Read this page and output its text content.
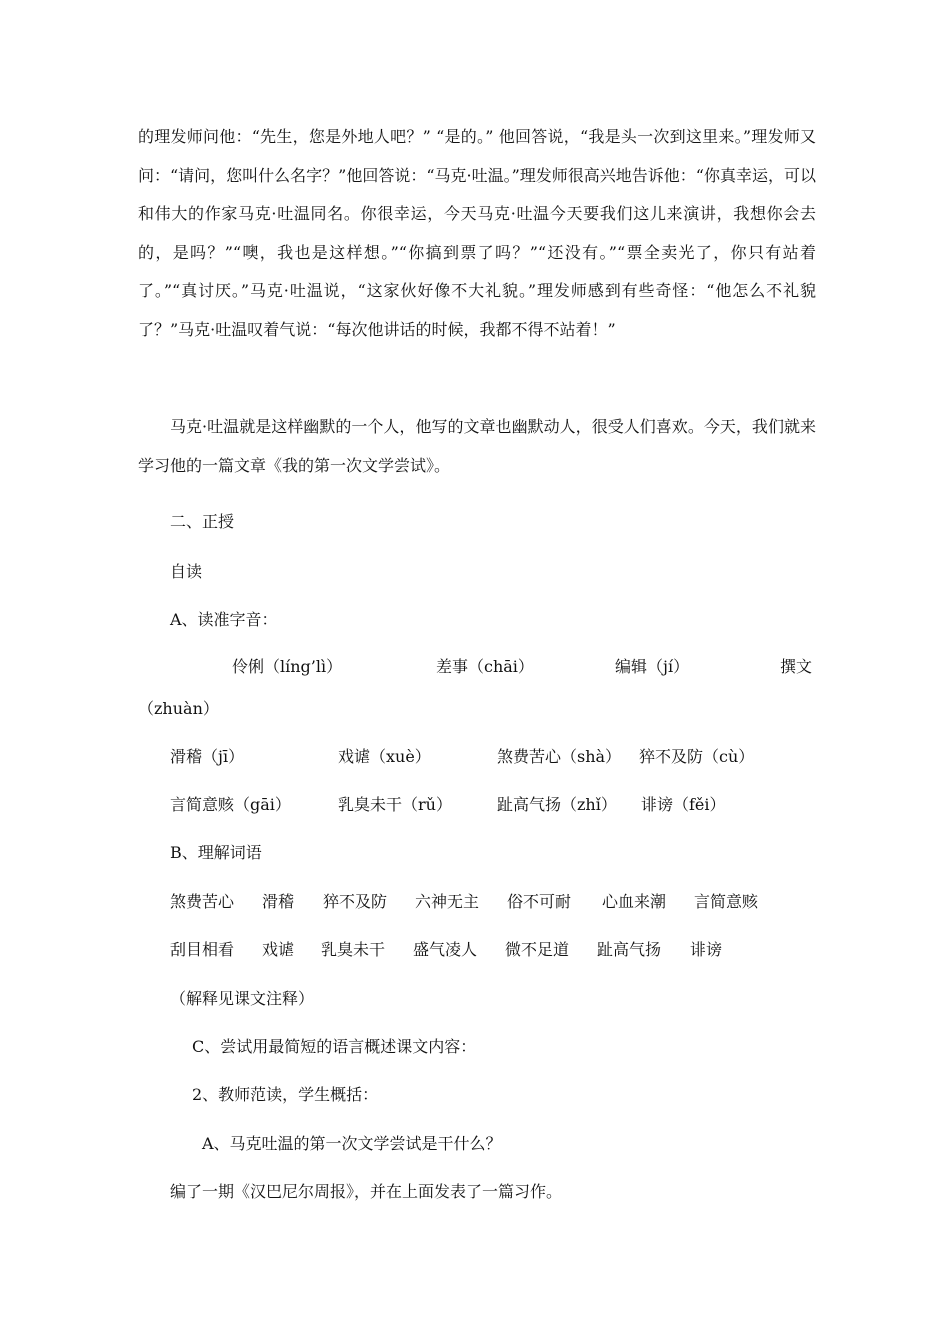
的理发师问他：“先生，您是外地人吧？” “是的。” 他回答说，“我是头一次到这里来。”理发师又问：“请问，您叫什么名字？”他回答说：“马克·吐温。”理发师很高兴地告诉他：“你真幸运，可以和伟大的作家马克·吐温同名。你很幸运，今天马克·吐温今天要我们这儿来演讲，我想你会去的，是吗？”“噢，我也是这样想。”“你搞到票了吗？”“还没有。”“票全卖光了，你只有站着了。”“真讨厌。”马克·吐温说，“这家伙好像不大礼貌。”理发师感到有些奇怪：“他怎么不礼貌了？”马克·吐温叹着气说：“每次他讲话的时候，我都不得不站着！”

马克·吐温就是这样幽默的一个人，他写的文章也幽默动人，很受人们喜欢。今天，我们就来学习他的一篇文章《我的第一次文学尝试》。

二、正授

自读

A、读准字音：

伶俐（líng’lì）	差事（chāi）	编辑（jí）	撰文

（zhuàn）

滑稽（jī）	戏谑（xuè）	煞费苦心（shà） 猝不及防（cù）
言简意赅（gāi）	乳臭未干（rǔ）	趾高气扬（zhǐ） 诽谤（fěi）

B、理解词语

煞费苦心 滑稽 猝不及防 六神无主 俗不可耐 心血来潮 言简意赅
刮目相看 戏谑 乳臭未干 盛气凌人 微不足道 趾高气扬 诽谤

（解释见课文注释）

C、尝试用最简短的语言概述课文内容：

2、教师范读，学生概括：

A、马克吐温的第一次文学尝试是干什么？

编了一期《汉巴尼尔周报》，并在上面发表了一篇习作。
